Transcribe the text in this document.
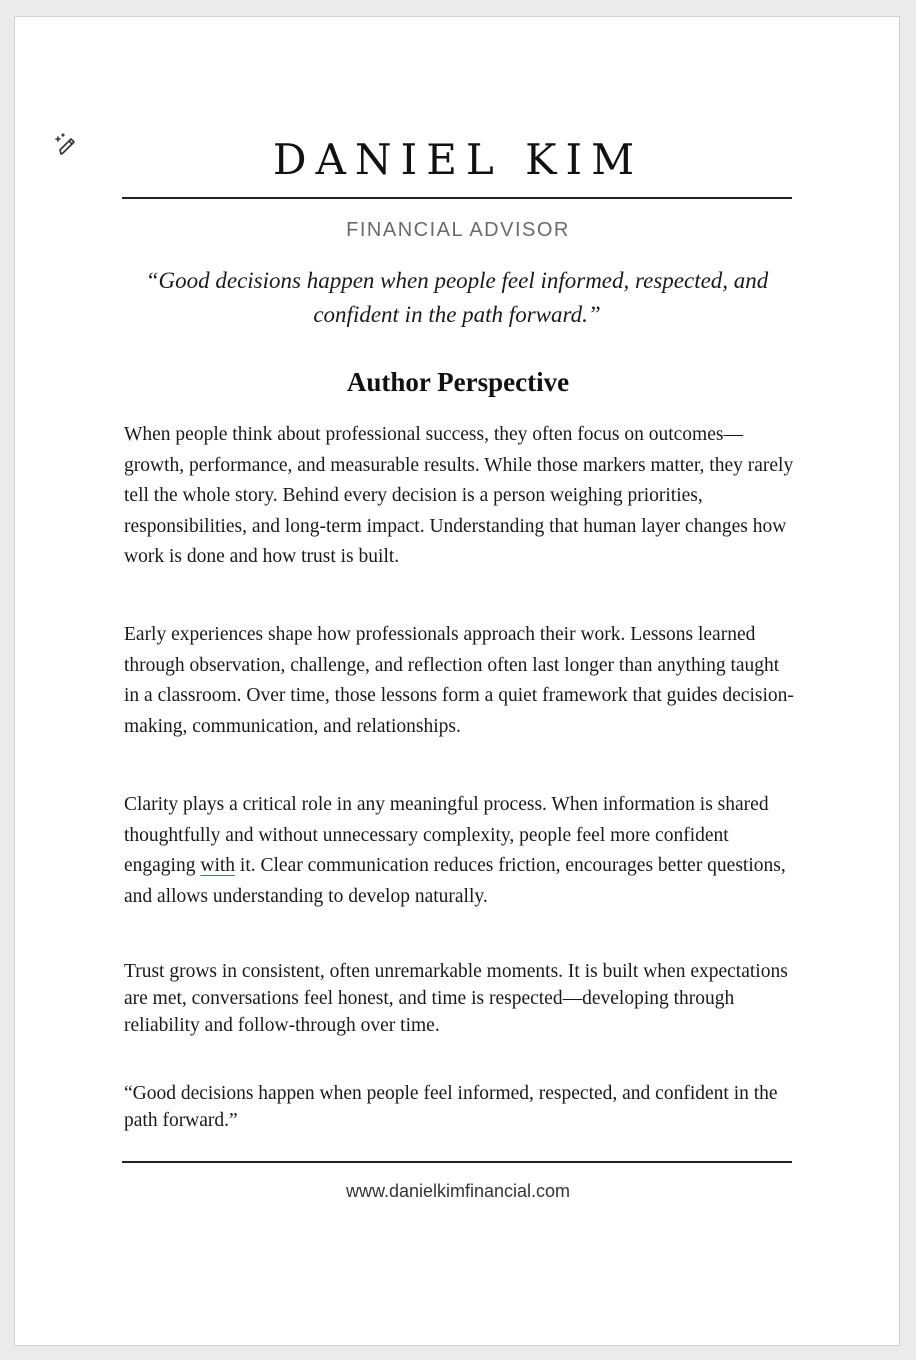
DANIEL KIM
FINANCIAL ADVISOR
“Good decisions happen when people feel informed, respected, and confident in the path forward.”
Author Perspective

When people think about professional success, they often focus on outcomes—growth, performance, and measurable results. While those markers matter, they rarely tell the whole story. Behind every decision is a person weighing priorities, responsibilities, and long-term impact. Understanding that human layer changes how work is done and how trust is built.

Early experiences shape how professionals approach their work. Lessons learned through observation, challenge, and reflection often last longer than anything taught in a classroom. Over time, those lessons form a quiet framework that guides decision-making, communication, and relationships.

Clarity plays a critical role in any meaningful process. When information is shared thoughtfully and without unnecessary complexity, people feel more confident engaging with it. Clear communication reduces friction, encourages better questions, and allows understanding to develop naturally.

Trust grows in consistent, often unremarkable moments. It is built when expectations are met, conversations feel honest, and time is respected—developing through reliability and follow-through over time.

“Good decisions happen when people feel informed, respected, and confident in the path forward.”

www.danielkimfinancial.com
